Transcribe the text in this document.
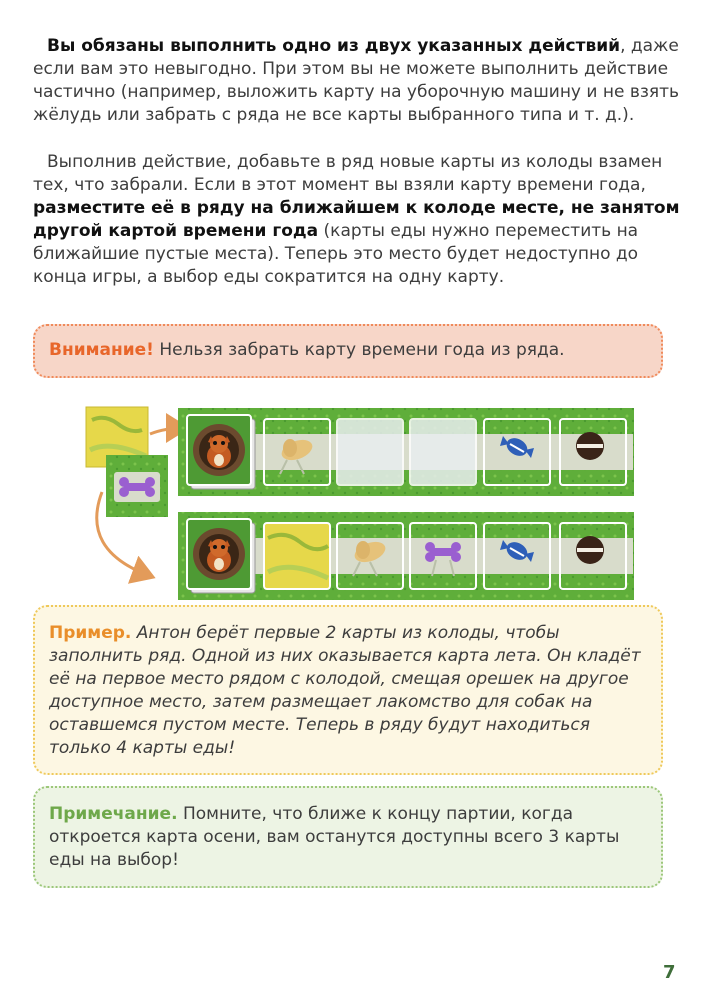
Вы обязаны выполнить одно из двух указанных действий, даже если вам это невыгодно. При этом вы не можете выполнить действие частично (например, выложить карту на уборочную машину и не взять жёлудь или забрать с ряда не все карты выбранного типа и т. д.).

Выполнив действие, добавьте в ряд новые карты из колоды взамен тех, что забрали. Если в этот момент вы взяли карту времени года, разместите её в ряду на ближайшем к колоде месте, не занятом другой картой времени года (карты еды нужно переместить на ближайшие пустые места). Теперь это место будет недоступно до конца игры, а выбор еды сократится на одну карту.

Внимание! Нельзя забрать карту времени года из ряда.
Пример. Антон берёт первые 2 карты из колоды, чтобы заполнить ряд. Одной из них оказывается карта лета. Он кладёт её на первое место рядом с колодой, смещая орешек на другое доступное место, затем размещает лакомство для собак на оставшемся пустом месте. Теперь в ряду будут находиться только 4 карты еды!
Примечание. Помните, что ближе к концу партии, когда откроется карта осени, вам останутся доступны всего 3 карты еды на выбор!
7
